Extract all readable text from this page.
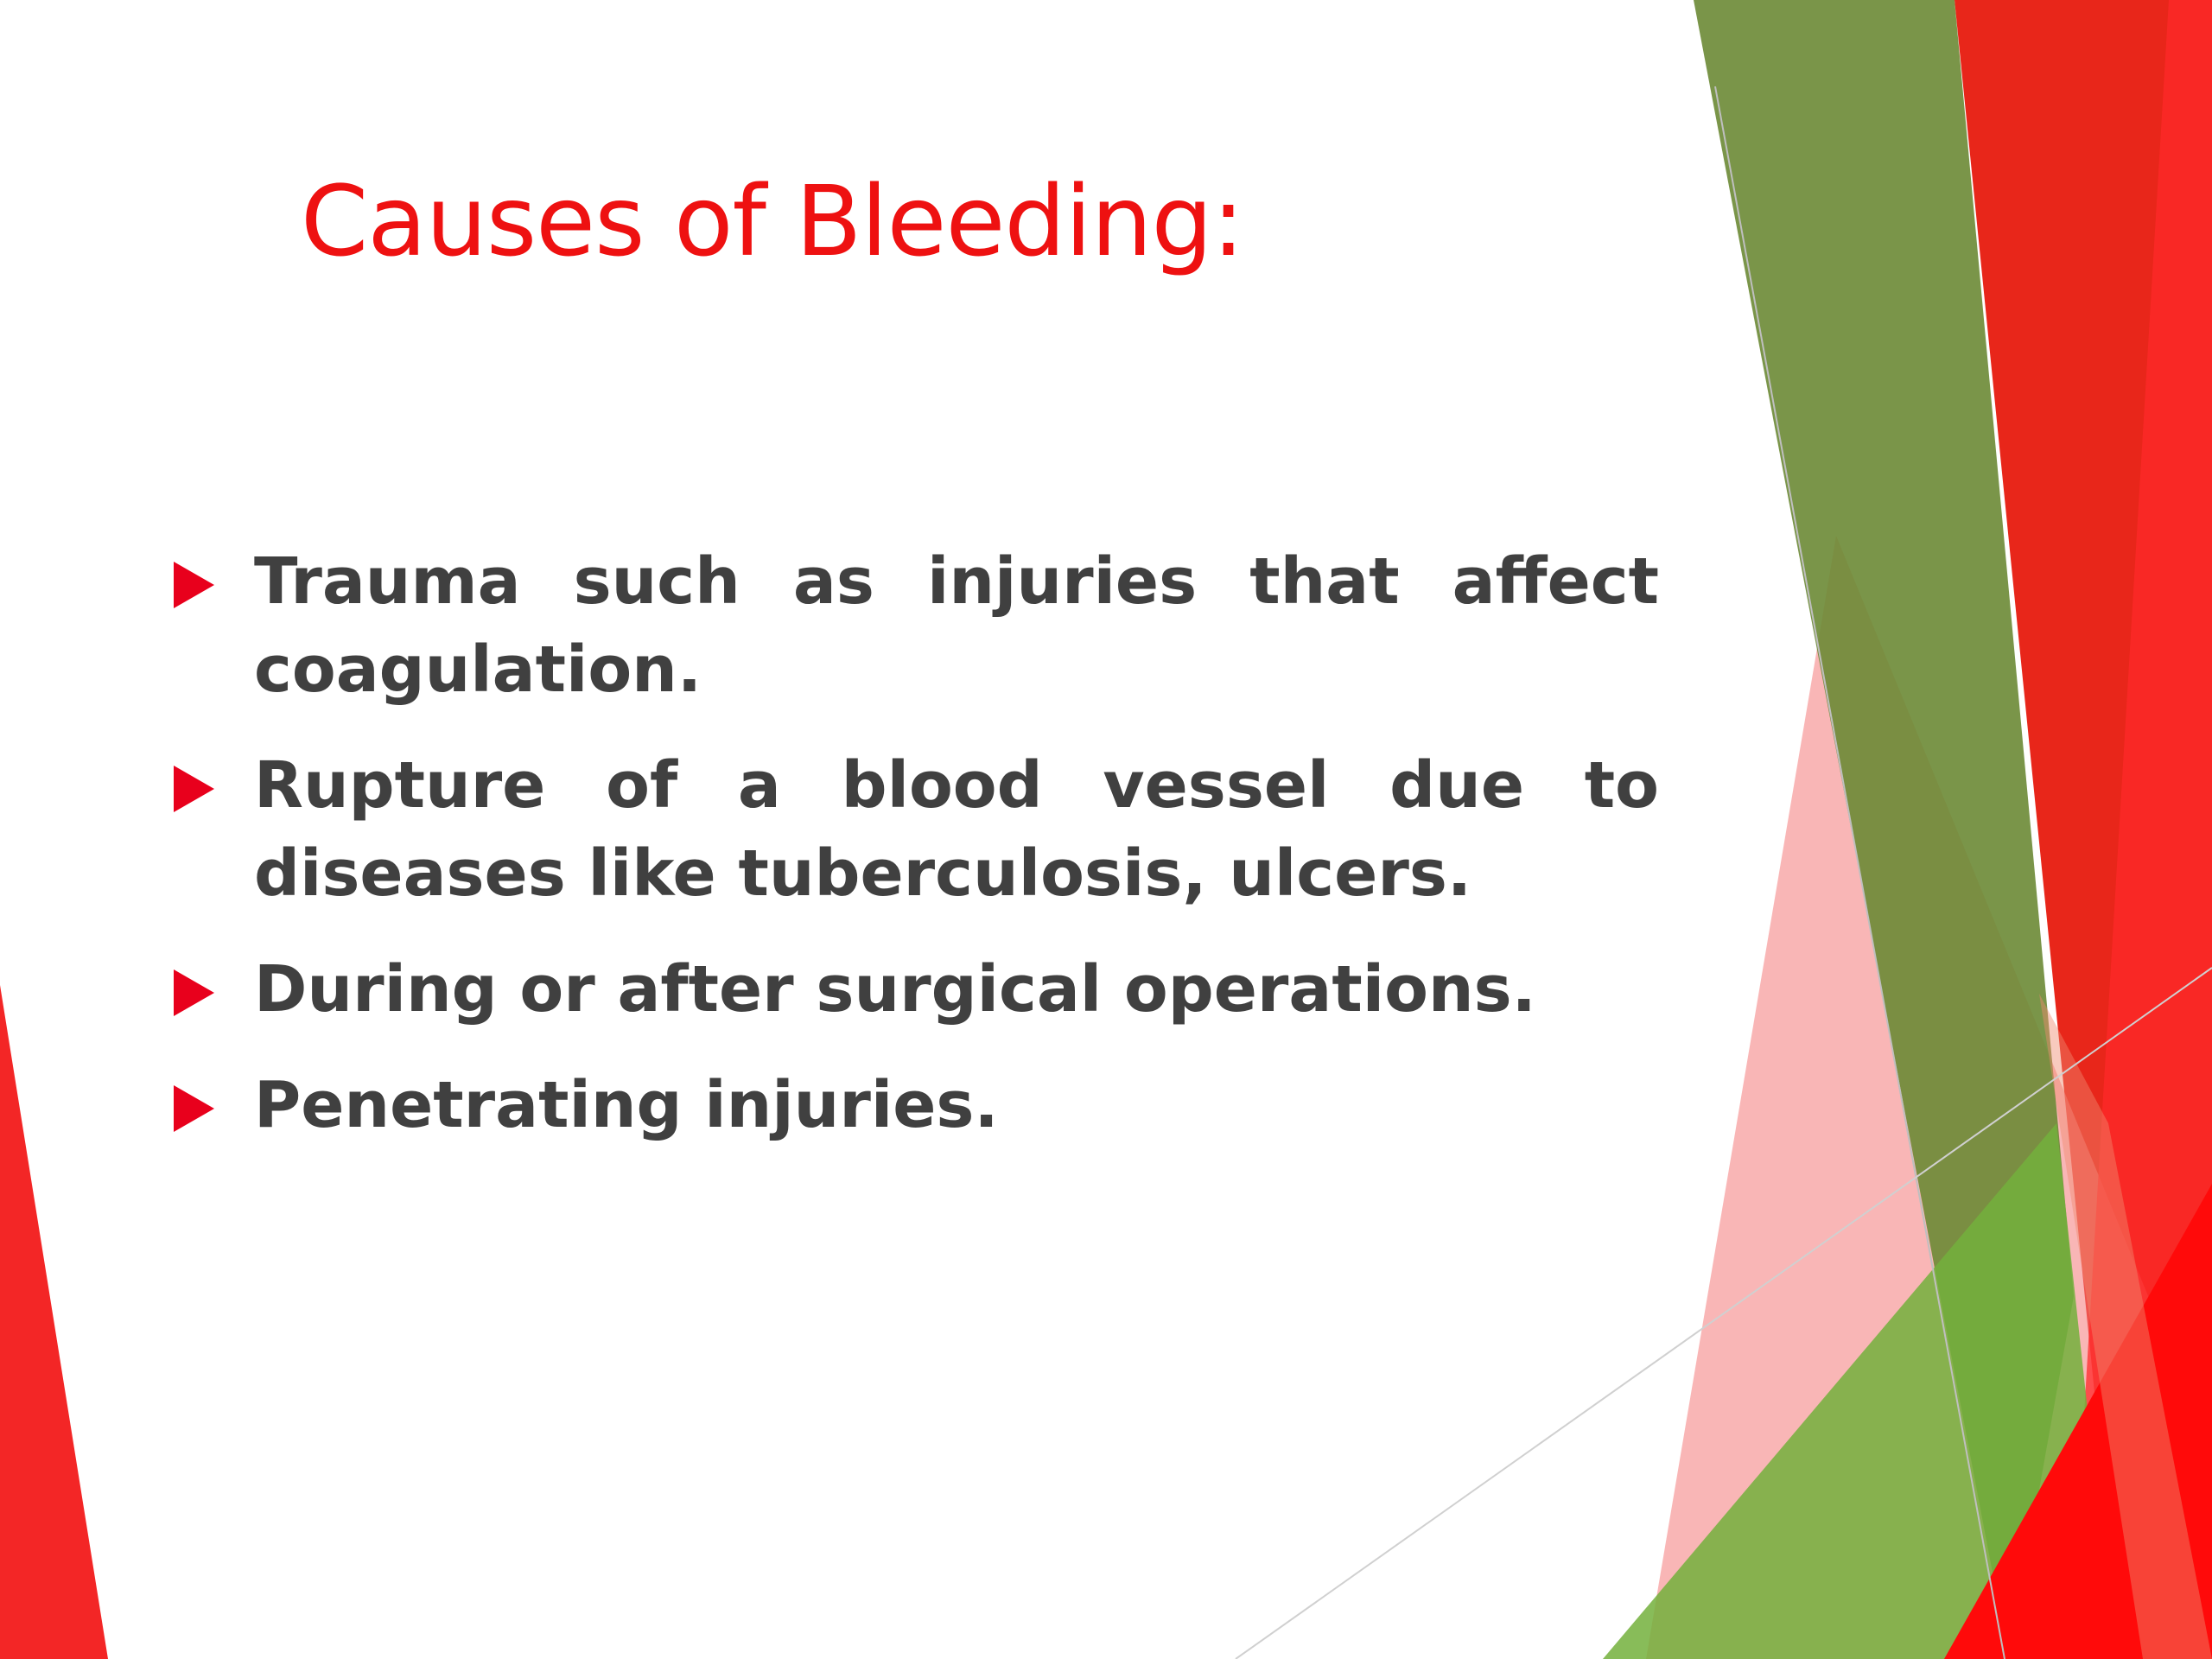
Causes of Bleeding:
Trauma such as injuries that affect coagulation.
Rupture of a blood vessel due to diseases like tuberculosis, ulcers.
During or after surgical operations.
Penetrating injuries.
